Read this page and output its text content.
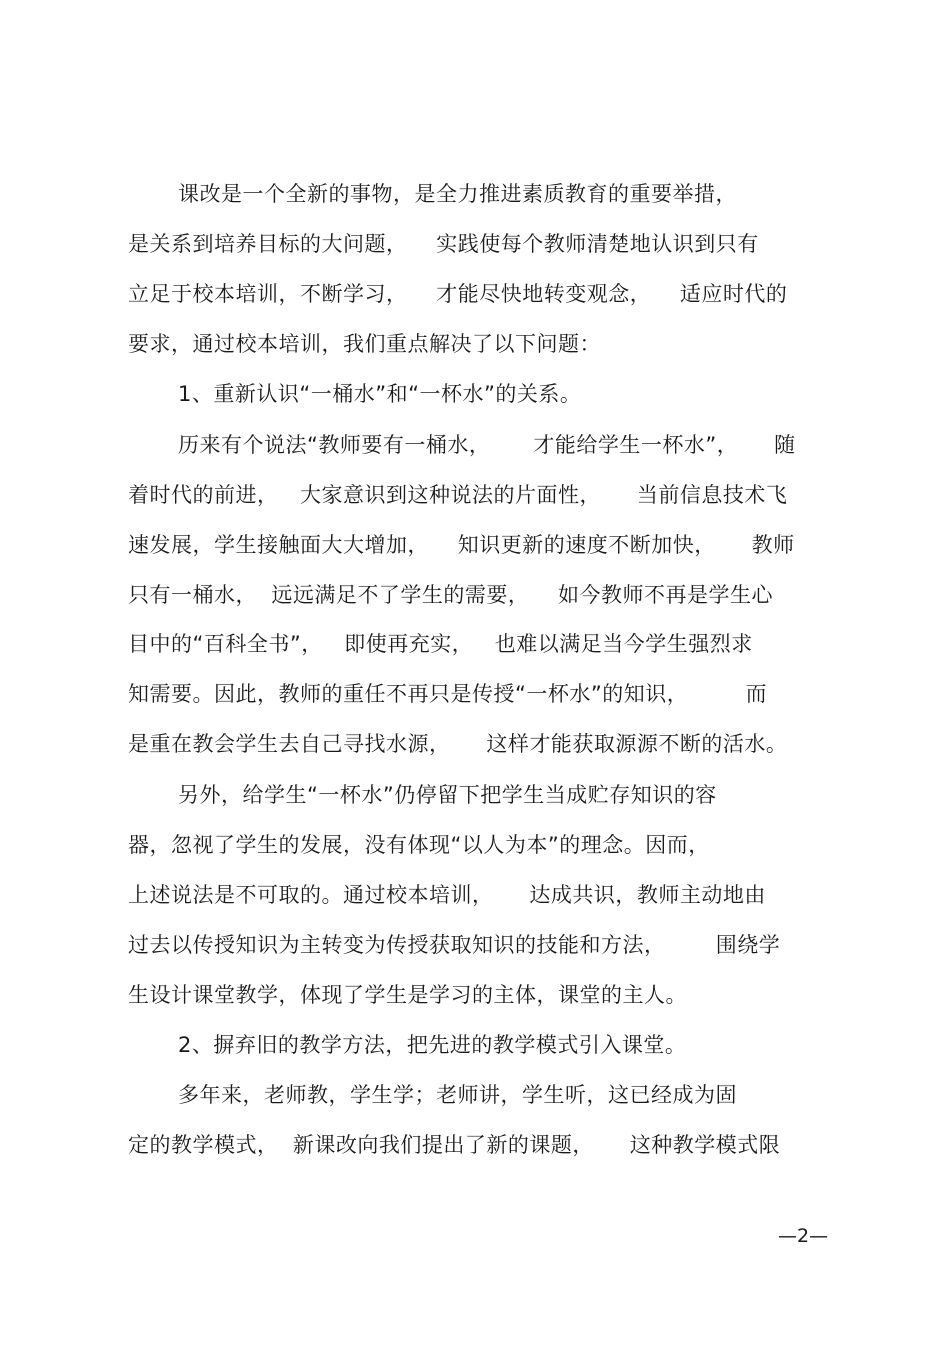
课改是一个全新的事物，是全力推进素质教育的重要举措，
是关系到培养目标的大问题，    实践使每个教师清楚地认识到只有
立足于校本培训，不断学习，    才能尽快地转变观念，    适应时代的
要求，通过校本培训，我们重点解决了以下问题：
1、重新认识“一桶水”和“一杯水”的关系。
历来有个说法“教师要有一桶水，      才能给学生一杯水”，     随
着时代的前进，   大家意识到这种说法的片面性，     当前信息技术飞
速发展，学生接触面大大增加，    知识更新的速度不断加快，     教师
只有一桶水，  远远满足不了学生的需要，    如今教师不再是学生心
目中的“百科全书”，   即使再充实，   也难以满足当今学生强烈求
知需要。因此，教师的重任不再只是传授“一杯水”的知识，        而
是重在教会学生去自己寻找水源，     这样才能获取源源不断的活水。
另外，给学生“一杯水”仍停留下把学生当成贮存知识的容
器，忽视了学生的发展，没有体现“以人为本”的理念。因而，
上述说法是不可取的。通过校本培训，     达成共识，教师主动地由
过去以传授知识为主转变为传授获取知识的技能和方法，       围绕学
生设计课堂教学，体现了学生是学习的主体，课堂的主人。
2、摒弃旧的教学方法，把先进的教学模式引入课堂。
多年来，老师教，学生学；老师讲，学生听，这已经成为固
定的教学模式，  新课改向我们提出了新的课题，     这种教学模式限
—2—
